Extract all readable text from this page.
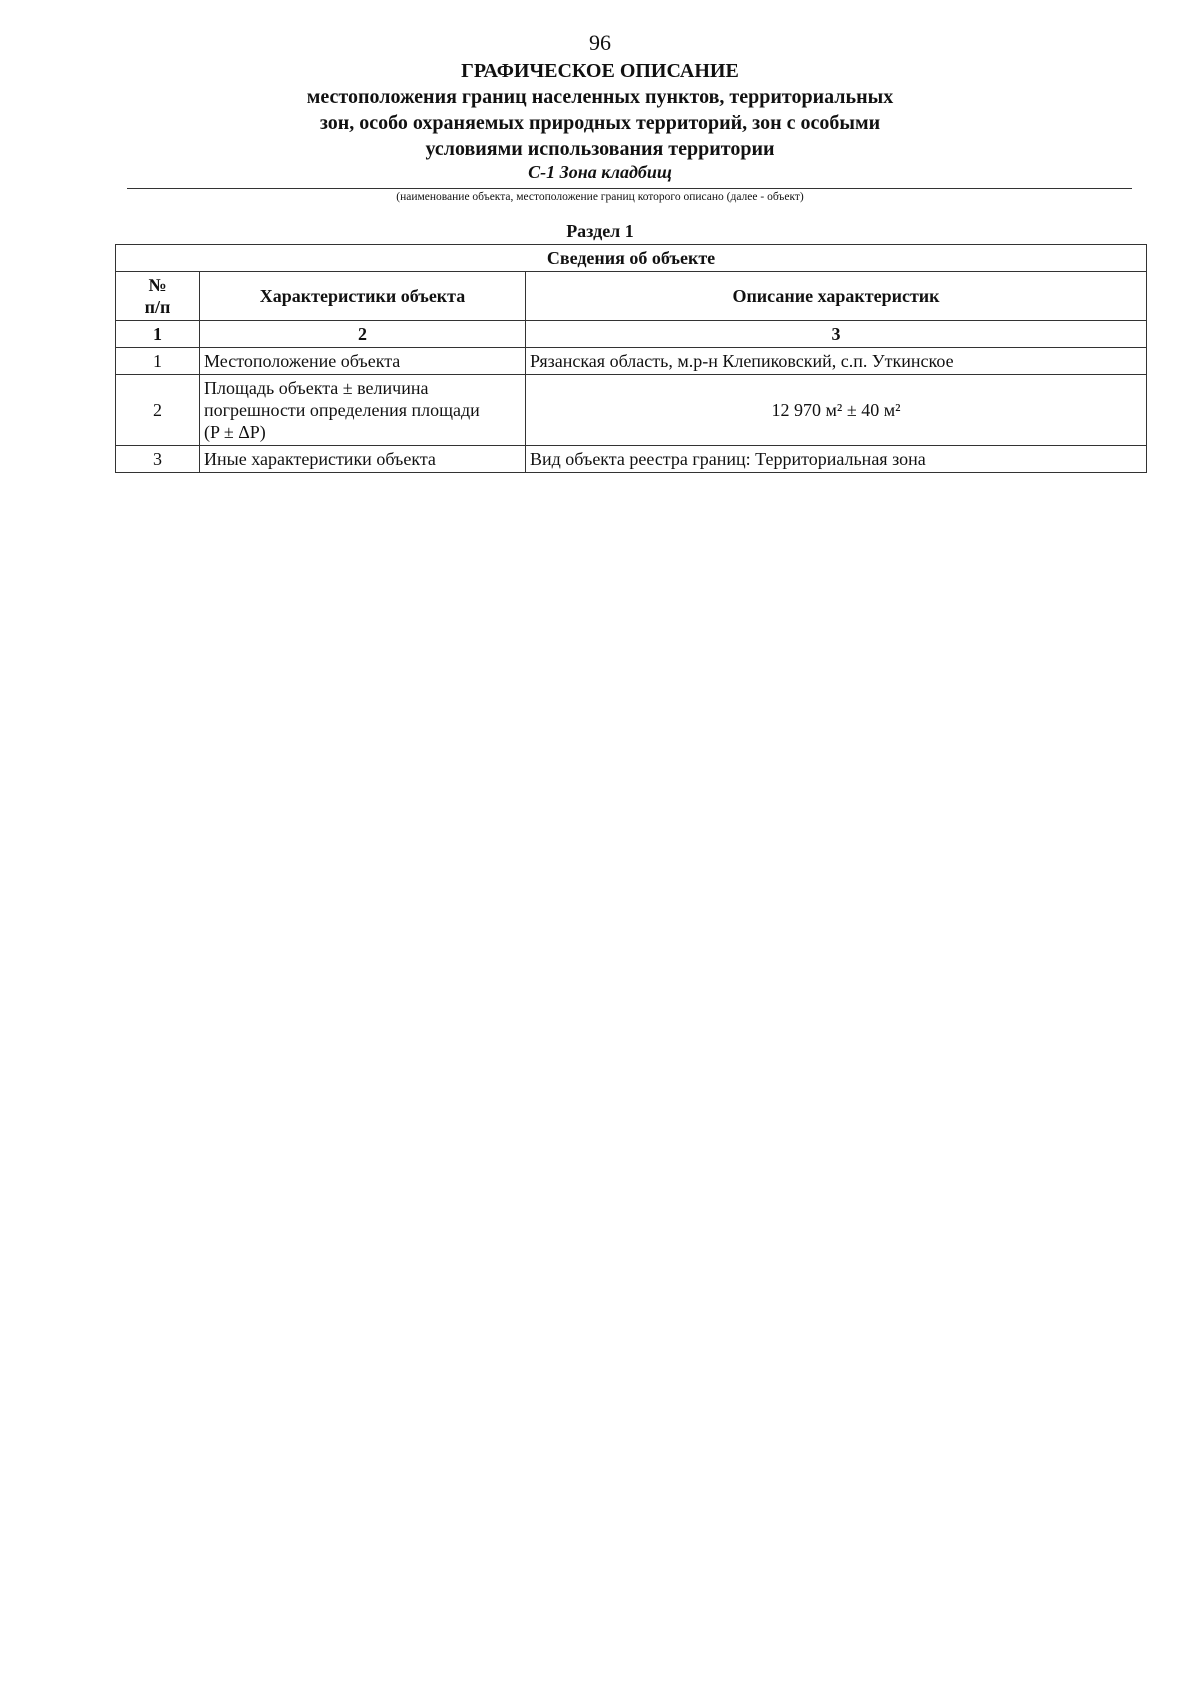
96
ГРАФИЧЕСКОЕ ОПИСАНИЕ
местоположения границ населенных пунктов, территориальных
зон, особо охраняемых природных территорий, зон с особыми
условиями использования территории
С-1 Зона кладбищ
(наименование объекта, местоположение границ которого описано (далее - объект)
Раздел 1
Сведения об объекте		

№
п/п	Характеристики объекта	Описание характеристик
1	2	3
1	Местоположение объекта	Рязанская область, м.р-н Клепиковский, с.п. Уткинское
2	Площадь объекта ± величина
погрешности определения площади
(P ± ΔP)	12 970 м² ± 40 м²
3	Иные характеристики объекта	Вид объекта реестра границ: Территориальная зона
